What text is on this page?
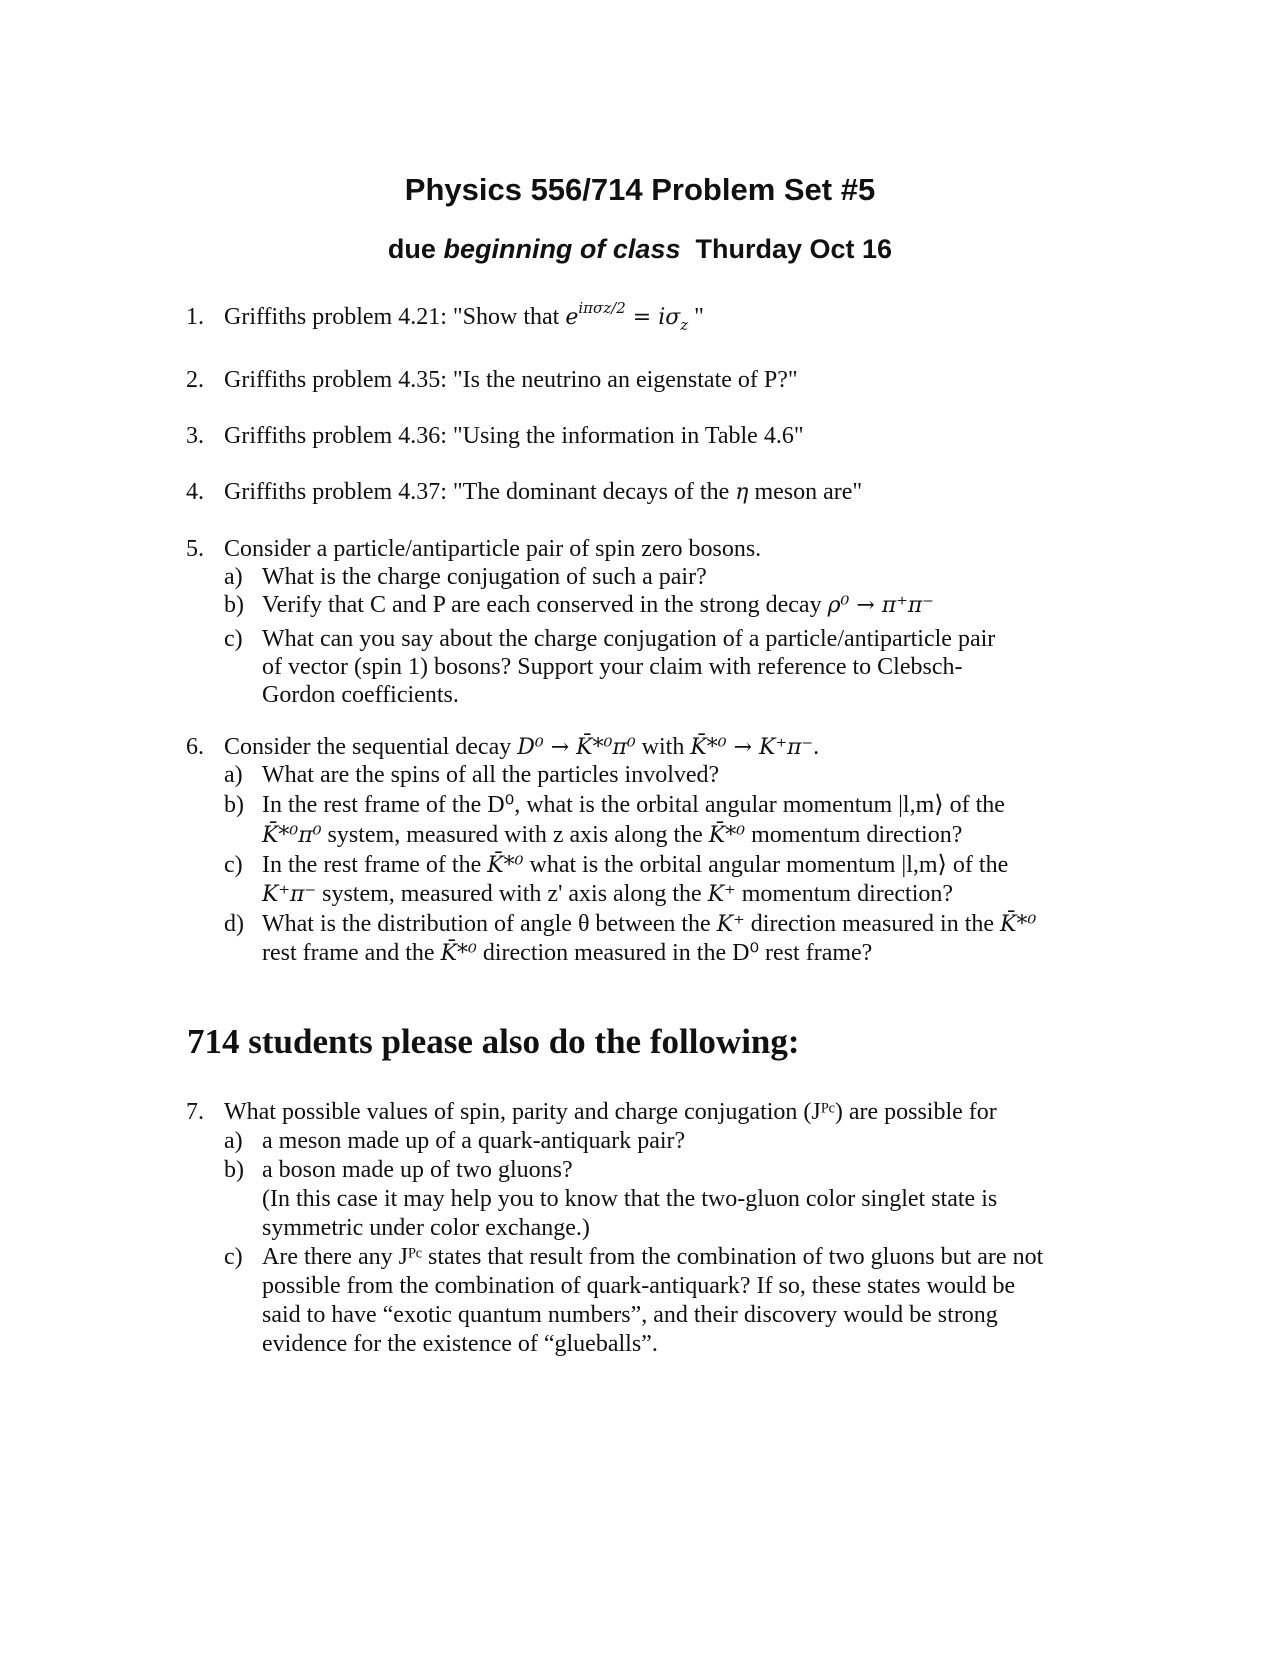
Physics 556/714 Problem Set #5
due beginning of class Thurday Oct 16
1. Griffiths problem 4.21: "Show that $e^{i\pi\sigma z/2} = i\sigma_z$ "
2. Griffiths problem 4.35: "Is the neutrino an eigenstate of P?"
3. Griffiths problem 4.36: "Using the information in Table 4.6"
4. Griffiths problem 4.37: "The dominant decays of the η meson are"
5. Consider a particle/antiparticle pair of spin zero bosons.
a) What is the charge conjugation of such a pair?
b) Verify that C and P are each conserved in the strong decay ρ⁰ → π⁺π⁻
c) What can you say about the charge conjugation of a particle/antiparticle pair
of vector (spin 1) bosons? Support your claim with reference to Clebsch-
Gordon coefficients.
6. Consider the sequential decay D⁰ → K̄*⁰π⁰ with K̄*⁰ → K⁺π⁻.
a) What are the spins of all the particles involved?
b) In the rest frame of the D⁰, what is the orbital angular momentum |l,m⟩ of the
K̄*⁰π⁰ system, measured with z axis along the K̄*⁰ momentum direction?
c) In the rest frame of the K̄*⁰ what is the orbital angular momentum |l,m⟩ of the
K⁺π⁻ system, measured with z' axis along the K⁺ momentum direction?
d) What is the distribution of angle θ between the K⁺ direction measured in the K̄*⁰
rest frame and the K̄*⁰ direction measured in the D⁰ rest frame?
714 students please also do the following:
7. What possible values of spin, parity and charge conjugation (Jᴾᶜ) are possible for
a) a meson made up of a quark-antiquark pair?
b) a boson made up of two gluons?
(In this case it may help you to know that the two-gluon color singlet state is
symmetric under color exchange.)
c) Are there any Jᴾᶜ states that result from the combination of two gluons but are not
possible from the combination of quark-antiquark? If so, these states would be
said to have “exotic quantum numbers”, and their discovery would be strong
evidence for the existence of “glueballs”.
